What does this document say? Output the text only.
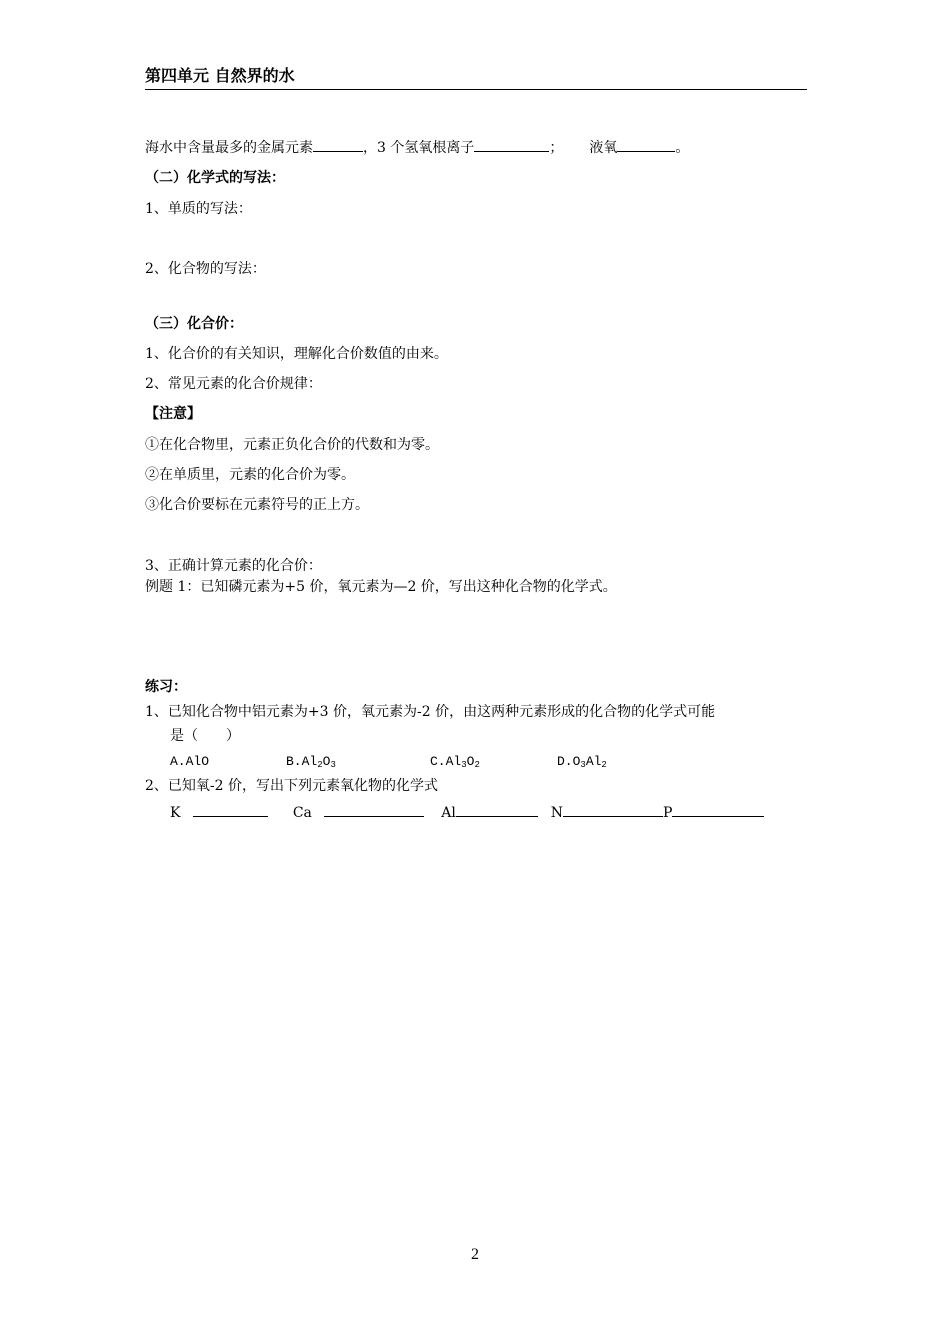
第四单元 自然界的水
海水中含量最多的金属元素	，3 个氢氧根离子	； 液氧	。
（二）化学式的写法：
1、单质的写法：
2、化合物的写法：
（三）化合价：
1、化合价的有关知识，理解化合价数值的由来。
2、常见元素的化合价规律：
【注意】
①在化合物里，元素正负化合价的代数和为零。
②在单质里，元素的化合价为零。
③化合价要标在元素符号的正上方。
3、正确计算元素的化合价：
例题 1：已知磷元素为+5 价，氧元素为—2 价，写出这种化合物的化学式。
练习：
1、已知化合物中铝元素为+3 价，氧元素为-2 价，由这两种元素形成的化合物的化学式可能
是（　　）
A.AlO	$B.Al_2O_3$	$C.Al_3O_2$	$D.O_3Al_2$
2、已知氧-2 价，写出下列元素氧化物的化学式
K	Ca	Al	N	P
2
